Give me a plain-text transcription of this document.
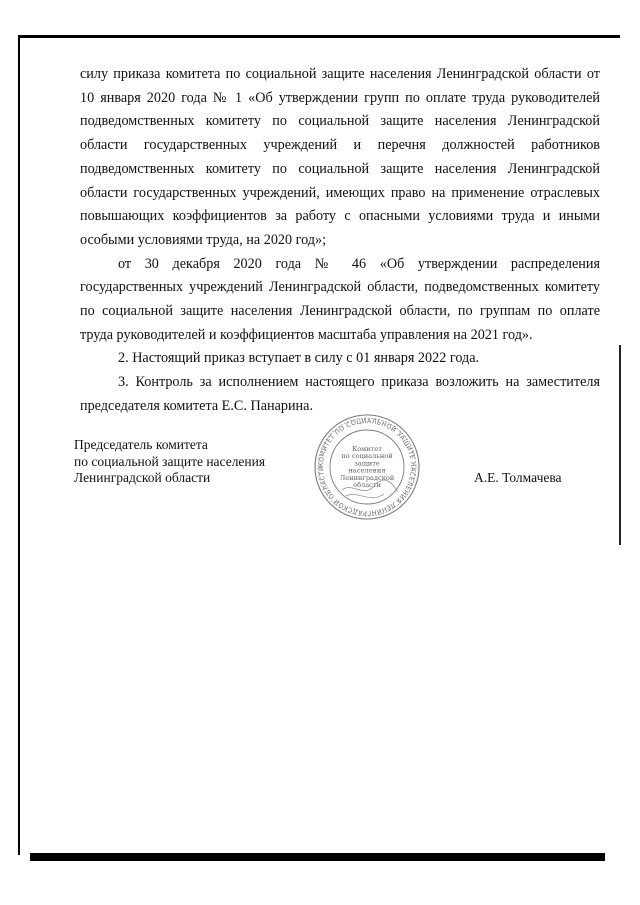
силу приказа комитета по социальной защите населения Ленинградской области от 10 января 2020 года № 1 «Об утверждении групп по оплате труда руководителей подведомственных комитету по социальной защите населения Ленинградской области государственных учреждений и перечня должностей работников подведомственных комитету по социальной защите населения Ленинградской области государственных учреждений, имеющих право на применение отраслевых повышающих коэффициентов за работу с опасными условиями труда и иными особыми условиями труда, на 2020 год»;

от 30 декабря 2020 года № 46 «Об утверждении распределения государственных учреждений Ленинградской области, подведомственных комитету по социальной защите населения Ленинградской области, по группам по оплате труда руководителей и коэффициентов масштаба управления на 2021 год».

2. Настоящий приказ вступает в силу с 01 января 2022 года.

3. Контроль за исполнением настоящего приказа возложить на заместителя председателя комитета Е.С. Панарина.

Председатель комитета
по социальной защите населения
Ленинградской области
КОМИТЕТ ПО СОЦИАЛЬНОЙ ЗАЩИТЕ НАСЕЛЕНИЯ ЛЕНИНГРАДСКОЙ ОБЛАСТИ
Комитет
по социальной
защите
населения
Ленинградской
области	А.Е. Толмачева
